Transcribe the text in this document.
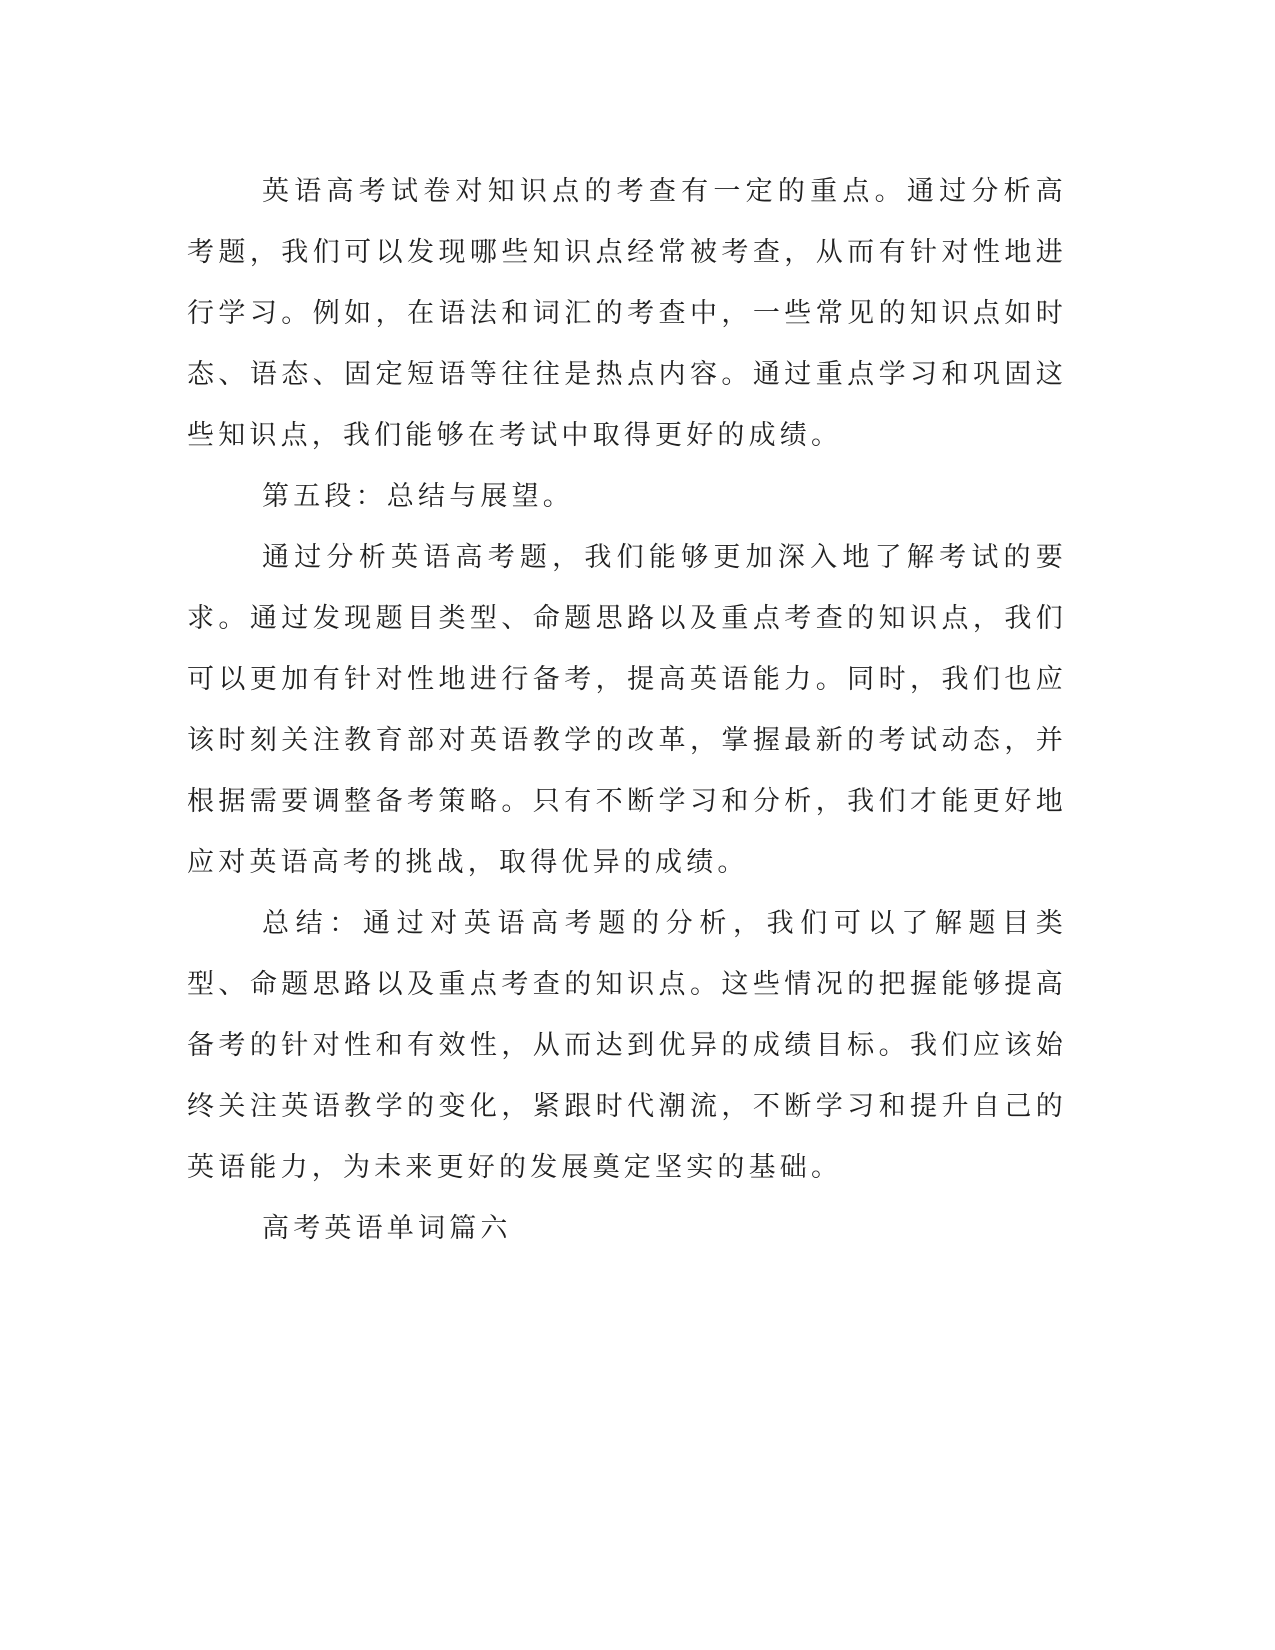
英语高考试卷对知识点的考查有一定的重点。通过分析高考题，我们可以发现哪些知识点经常被考查，从而有针对性地进行学习。例如，在语法和词汇的考查中，一些常见的知识点如时态、语态、固定短语等往往是热点内容。通过重点学习和巩固这些知识点，我们能够在考试中取得更好的成绩。

第五段：总结与展望。

通过分析英语高考题，我们能够更加深入地了解考试的要求。通过发现题目类型、命题思路以及重点考查的知识点，我们可以更加有针对性地进行备考，提高英语能力。同时，我们也应该时刻关注教育部对英语教学的改革，掌握最新的考试动态，并根据需要调整备考策略。只有不断学习和分析，我们才能更好地应对英语高考的挑战，取得优异的成绩。

总结：通过对英语高考题的分析，我们可以了解题目类型、命题思路以及重点考查的知识点。这些情况的把握能够提高备考的针对性和有效性，从而达到优异的成绩目标。我们应该始终关注英语教学的变化，紧跟时代潮流，不断学习和提升自己的英语能力，为未来更好的发展奠定坚实的基础。

高考英语单词篇六
